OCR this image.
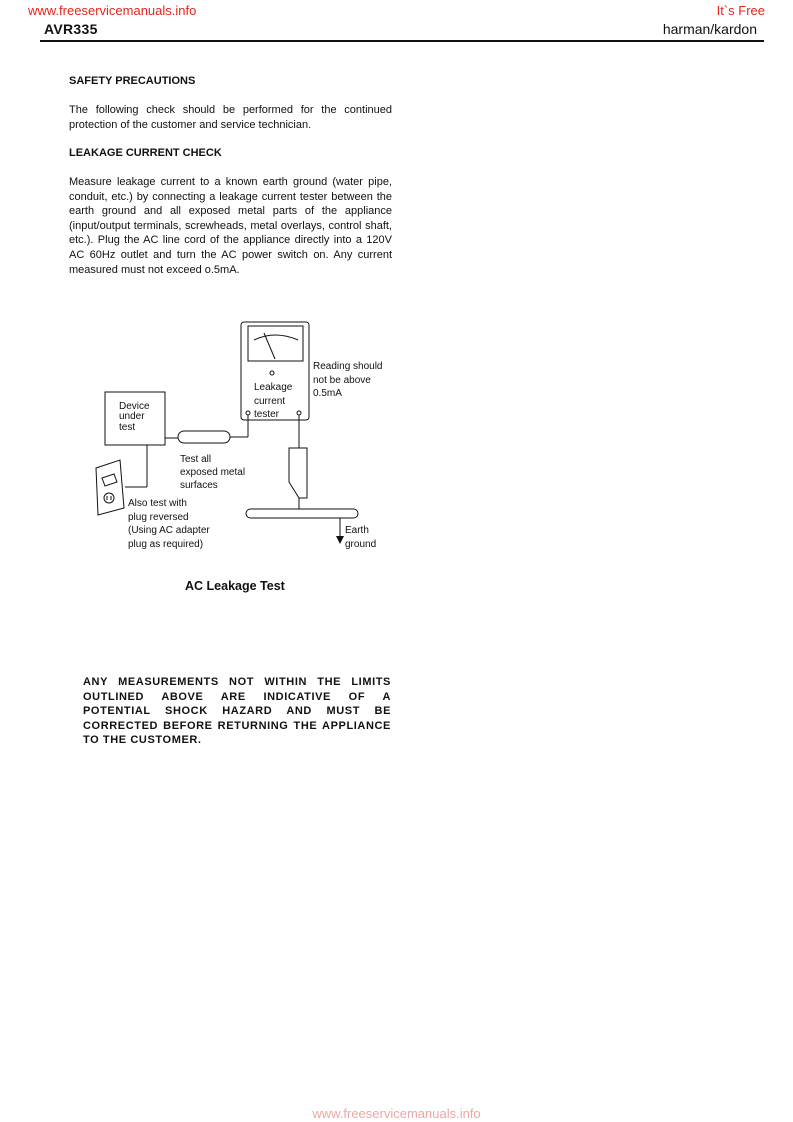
www.freeservicemanuals.info	It`s Free
AVR335	harman/kardon
SAFETY PRECAUTIONS
The following check should be performed for the continued protection of the customer and service technician.
LEAKAGE CURRENT CHECK
Measure leakage current to a known earth ground (water pipe, conduit, etc.) by connecting a leakage current tester between the earth ground and all exposed metal parts of the appliance (input/output terminals, screwheads, metal overlays, control shaft, etc.). Plug the AC line cord of the appliance directly into a 120V AC 60Hz outlet and turn the AC power switch on. Any current measured must not exceed o.5mA.
Device
under
test
Leakage
current
tester
Reading should
not be above
0.5mA
Test all
exposed metal
surfaces
Also test with
plug reversed
(Using AC adapter
plug as required)
Earth
ground
AC Leakage Test
ANY MEASUREMENTS NOT WITHIN THE LIMITS OUTLINED ABOVE ARE INDICATIVE OF A POTENTIAL SHOCK HAZARD AND MUST BE CORRECTED BEFORE RETURNING THE APPLIANCE TO THE CUSTOMER.
www.freeservicemanuals.info
